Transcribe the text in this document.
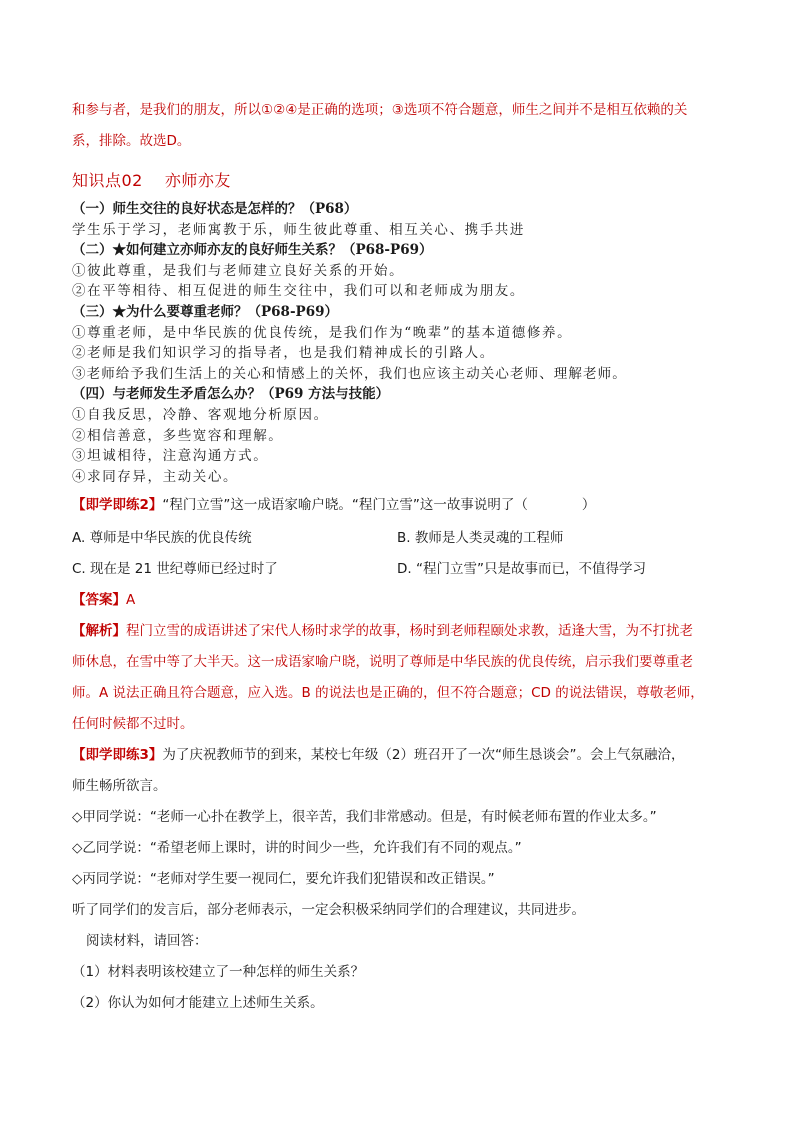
和参与者，是我们的朋友，所以①②④是正确的选项；③选项不符合题意，师生之间并不是相互依赖的关

系，排除。故选D。

知识点02 亦师亦友

（一）师生交往的良好状态是怎样的？（P68）

学生乐于学习，老师寓教于乐，师生彼此尊重、相互关心、携手共进

（二）★如何建立亦师亦友的良好师生关系？（P68-P69）

①彼此尊重，是我们与老师建立良好关系的开始。

②在平等相待、相互促进的师生交往中，我们可以和老师成为朋友。

（三）★为什么要尊重老师？（P68-P69）

①尊重老师，是中华民族的优良传统，是我们作为“晚辈”的基本道德修养。

②老师是我们知识学习的指导者，也是我们精神成长的引路人。

③老师给予我们生活上的关心和情感上的关怀，我们也应该主动关心老师、理解老师。

（四）与老师发生矛盾怎么办？（P69 方法与技能）

①自我反思，冷静、客观地分析原因。

②相信善意，多些宽容和理解。

③坦诚相待，注意沟通方式。

④求同存异，主动关心。

【即学即练2】“程门立雪”这一成语家喻户晓。“程门立雪”这一故事说明了（　　　　）

A. 尊师是中华民族的优良传统	B. 教师是人类灵魂的工程师
C. 现在是 21 世纪尊师已经过时了	D. “程门立雪”只是故事而已，不值得学习

【答案】A

【解析】程门立雪的成语讲述了宋代人杨时求学的故事，杨时到老师程颐处求教，适逢大雪，为不打扰老

师休息，在雪中等了大半天。这一成语家喻户晓，说明了尊师是中华民族的优良传统，启示我们要尊重老

师。A 说法正确且符合题意，应入选。B 的说法也是正确的，但不符合题意；CD 的说法错误，尊敬老师，

任何时候都不过时。

【即学即练3】为了庆祝教师节的到来，某校七年级（2）班召开了一次“师生恳谈会”。会上气氛融洽，

师生畅所欲言。

◇甲同学说：“老师一心扑在教学上，很辛苦，我们非常感动。但是，有时候老师布置的作业太多。”

◇乙同学说：“希望老师上课时，讲的时间少一些，允许我们有不同的观点。”

◇丙同学说：“老师对学生要一视同仁，要允许我们犯错误和改正错误。”

听了同学们的发言后，部分老师表示，一定会积极采纳同学们的合理建议，共同进步。

阅读材料，请回答：

（1）材料表明该校建立了一种怎样的师生关系？

（2）你认为如何才能建立上述师生关系。
